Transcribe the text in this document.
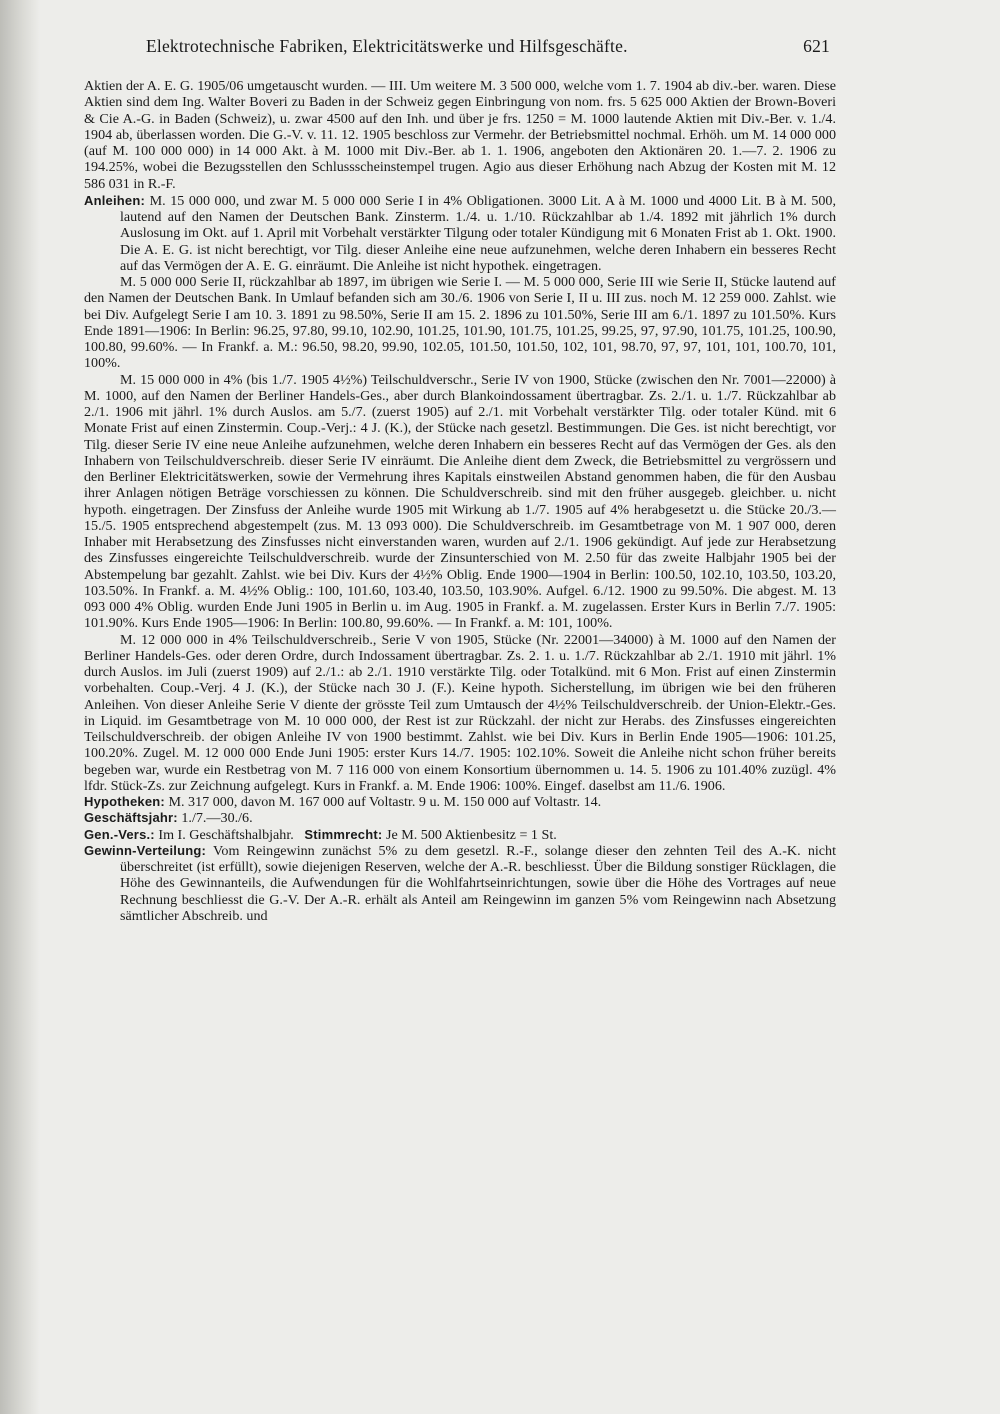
Elektrotechnische Fabriken, Elektricitätswerke und Hilfsgeschäfte.	621

Aktien der A. E. G. 1905/06 umgetauscht wurden. — III. Um weitere M. 3 500 000, welche vom 1. 7. 1904 ab div.-ber. waren. Diese Aktien sind dem Ing. Walter Boveri zu Baden in der Schweiz gegen Einbringung von nom. frs. 5 625 000 Aktien der Brown-Boveri & Cie A.-G. in Baden (Schweiz), u. zwar 4500 auf den Inh. und über je frs. 1250 = M. 1000 lautende Aktien mit Div.-Ber. v. 1./4. 1904 ab, überlassen worden. Die G.-V. v. 11. 12. 1905 beschloss zur Vermehr. der Betriebsmittel nochmal. Erhöh. um M. 14 000 000 (auf M. 100 000 000) in 14 000 Akt. à M. 1000 mit Div.-Ber. ab 1. 1. 1906, angeboten den Aktionären 20. 1.—7. 2. 1906 zu 194.25%, wobei die Bezugsstellen den Schlussscheinstempel trugen. Agio aus dieser Erhöhung nach Abzug der Kosten mit M. 12 586 031 in R.-F.

Anleihen: M. 15 000 000, und zwar M. 5 000 000 Serie I in 4% Obligationen. 3000 Lit. A à M. 1000 und 4000 Lit. B à M. 500, lautend auf den Namen der Deutschen Bank. Zinsterm. 1./4. u. 1./10. Rückzahlbar ab 1./4. 1892 mit jährlich 1% durch Auslosung im Okt. auf 1. April mit Vorbehalt verstärkter Tilgung oder totaler Kündigung mit 6 Monaten Frist ab 1. Okt. 1900. Die A. E. G. ist nicht berechtigt, vor Tilg. dieser Anleihe eine neue aufzunehmen, welche deren Inhabern ein besseres Recht auf das Vermögen der A. E. G. einräumt. Die Anleihe ist nicht hypothek. eingetragen.

M. 5 000 000 Serie II, rückzahlbar ab 1897, im übrigen wie Serie I. — M. 5 000 000, Serie III wie Serie II, Stücke lautend auf den Namen der Deutschen Bank. In Umlauf befanden sich am 30./6. 1906 von Serie I, II u. III zus. noch M. 12 259 000. Zahlst. wie bei Div. Aufgelegt Serie I am 10. 3. 1891 zu 98.50%, Serie II am 15. 2. 1896 zu 101.50%, Serie III am 6./1. 1897 zu 101.50%. Kurs Ende 1891—1906: In Berlin: 96.25, 97.80, 99.10, 102.90, 101.25, 101.90, 101.75, 101.25, 99.25, 97, 97.90, 101.75, 101.25, 100.90, 100.80, 99.60%. — In Frankf. a. M.: 96.50, 98.20, 99.90, 102.05, 101.50, 101.50, 102, 101, 98.70, 97, 97, 101, 101, 100.70, 101, 100%.

M. 15 000 000 in 4% (bis 1./7. 1905 4½%) Teilschuldverschr., Serie IV von 1900, Stücke (zwischen den Nr. 7001—22000) à M. 1000, auf den Namen der Berliner Handels-Ges., aber durch Blankoindossament übertragbar. Zs. 2./1. u. 1./7. Rückzahlbar ab 2./1. 1906 mit jährl. 1% durch Auslos. am 5./7. (zuerst 1905) auf 2./1. mit Vorbehalt verstärkter Tilg. oder totaler Künd. mit 6 Monate Frist auf einen Zinstermin. Coup.-Verj.: 4 J. (K.), der Stücke nach gesetzl. Bestimmungen. Die Ges. ist nicht berechtigt, vor Tilg. dieser Serie IV eine neue Anleihe aufzunehmen, welche deren Inhabern ein besseres Recht auf das Vermögen der Ges. als den Inhabern von Teilschuldverschreib. dieser Serie IV einräumt. Die Anleihe dient dem Zweck, die Betriebsmittel zu vergrössern und den Berliner Elektricitätswerken, sowie der Vermehrung ihres Kapitals einstweilen Abstand genommen haben, die für den Ausbau ihrer Anlagen nötigen Beträge vorschiessen zu können. Die Schuldverschreib. sind mit den früher ausgegeb. gleichber. u. nicht hypoth. eingetragen. Der Zinsfuss der Anleihe wurde 1905 mit Wirkung ab 1./7. 1905 auf 4% herabgesetzt u. die Stücke 20./3.—15./5. 1905 entsprechend abgestempelt (zus. M. 13 093 000). Die Schuldverschreib. im Gesamtbetrage von M. 1 907 000, deren Inhaber mit Herabsetzung des Zinsfusses nicht einverstanden waren, wurden auf 2./1. 1906 gekündigt. Auf jede zur Herabsetzung des Zinsfusses eingereichte Teilschuldverschreib. wurde der Zinsunterschied von M. 2.50 für das zweite Halbjahr 1905 bei der Abstempelung bar gezahlt. Zahlst. wie bei Div. Kurs der 4½% Oblig. Ende 1900—1904 in Berlin: 100.50, 102.10, 103.50, 103.20, 103.50%. In Frankf. a. M. 4½% Oblig.: 100, 101.60, 103.40, 103.50, 103.90%. Aufgel. 6./12. 1900 zu 99.50%. Die abgest. M. 13 093 000 4% Oblig. wurden Ende Juni 1905 in Berlin u. im Aug. 1905 in Frankf. a. M. zugelassen. Erster Kurs in Berlin 7./7. 1905: 101.90%. Kurs Ende 1905—1906: In Berlin: 100.80, 99.60%. — In Frankf. a. M: 101, 100%.

M. 12 000 000 in 4% Teilschuldverschreib., Serie V von 1905, Stücke (Nr. 22001—34000) à M. 1000 auf den Namen der Berliner Handels-Ges. oder deren Ordre, durch Indossament übertragbar. Zs. 2. 1. u. 1./7. Rückzahlbar ab 2./1. 1910 mit jährl. 1% durch Auslos. im Juli (zuerst 1909) auf 2./1.: ab 2./1. 1910 verstärkte Tilg. oder Totalkünd. mit 6 Mon. Frist auf einen Zinstermin vorbehalten. Coup.-Verj. 4 J. (K.), der Stücke nach 30 J. (F.). Keine hypoth. Sicherstellung, im übrigen wie bei den früheren Anleihen. Von dieser Anleihe Serie V diente der grösste Teil zum Umtausch der 4½% Teilschuldverschreib. der Union-Elektr.-Ges. in Liquid. im Gesamtbetrage von M. 10 000 000, der Rest ist zur Rückzahl. der nicht zur Herabs. des Zinsfusses eingereichten Teilschuldverschreib. der obigen Anleihe IV von 1900 bestimmt. Zahlst. wie bei Div. Kurs in Berlin Ende 1905—1906: 101.25, 100.20%. Zugel. M. 12 000 000 Ende Juni 1905: erster Kurs 14./7. 1905: 102.10%. Soweit die Anleihe nicht schon früher bereits begeben war, wurde ein Restbetrag von M. 7 116 000 von einem Konsortium übernommen u. 14. 5. 1906 zu 101.40% zuzügl. 4% lfdr. Stück-Zs. zur Zeichnung aufgelegt. Kurs in Frankf. a. M. Ende 1906: 100%. Eingef. daselbst am 11./6. 1906.

Hypotheken: M. 317 000, davon M. 167 000 auf Voltastr. 9 u. M. 150 000 auf Voltastr. 14.

Geschäftsjahr: 1./7.—30./6.

Gen.-Vers.: Im I. Geschäftshalbjahr. Stimmrecht: Je M. 500 Aktienbesitz = 1 St.

Gewinn-Verteilung: Vom Reingewinn zunächst 5% zu dem gesetzl. R.-F., solange dieser den zehnten Teil des A.-K. nicht überschreitet (ist erfüllt), sowie diejenigen Reserven, welche der A.-R. beschliesst. Über die Bildung sonstiger Rücklagen, die Höhe des Gewinnanteils, die Aufwendungen für die Wohlfahrtseinrichtungen, sowie über die Höhe des Vortrages auf neue Rechnung beschliesst die G.-V. Der A.-R. erhält als Anteil am Reingewinn im ganzen 5% vom Reingewinn nach Absetzung sämtlicher Abschreib. und
